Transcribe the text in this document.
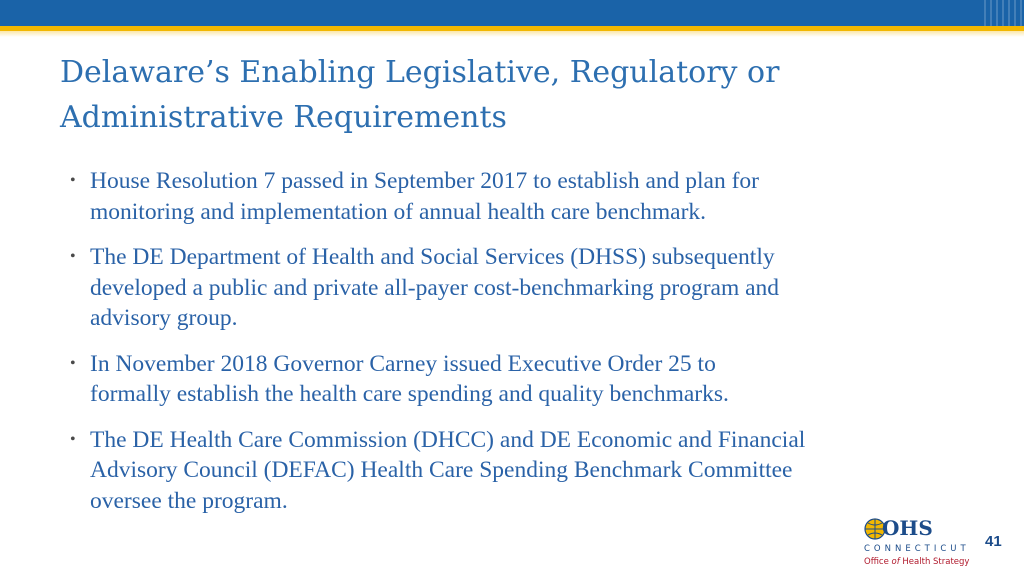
Delaware’s Enabling Legislative, Regulatory or
Administrative Requirements
• House Resolution 7 passed in September 2017 to establish and plan for
monitoring and implementation of annual health care benchmark.
• The DE Department of Health and Social Services (DHSS) subsequently
developed a public and private all-payer cost-benchmarking program and
advisory group.
• In November 2018 Governor Carney issued Executive Order 25 to
formally establish the health care spending and quality benchmarks.
• The DE Health Care Commission (DHCC) and DE Economic and Financial
Advisory Council (DEFAC) Health Care Spending Benchmark Committee
oversee the program.
OHS
CONNECTICUT
Office of Health Strategy
41
